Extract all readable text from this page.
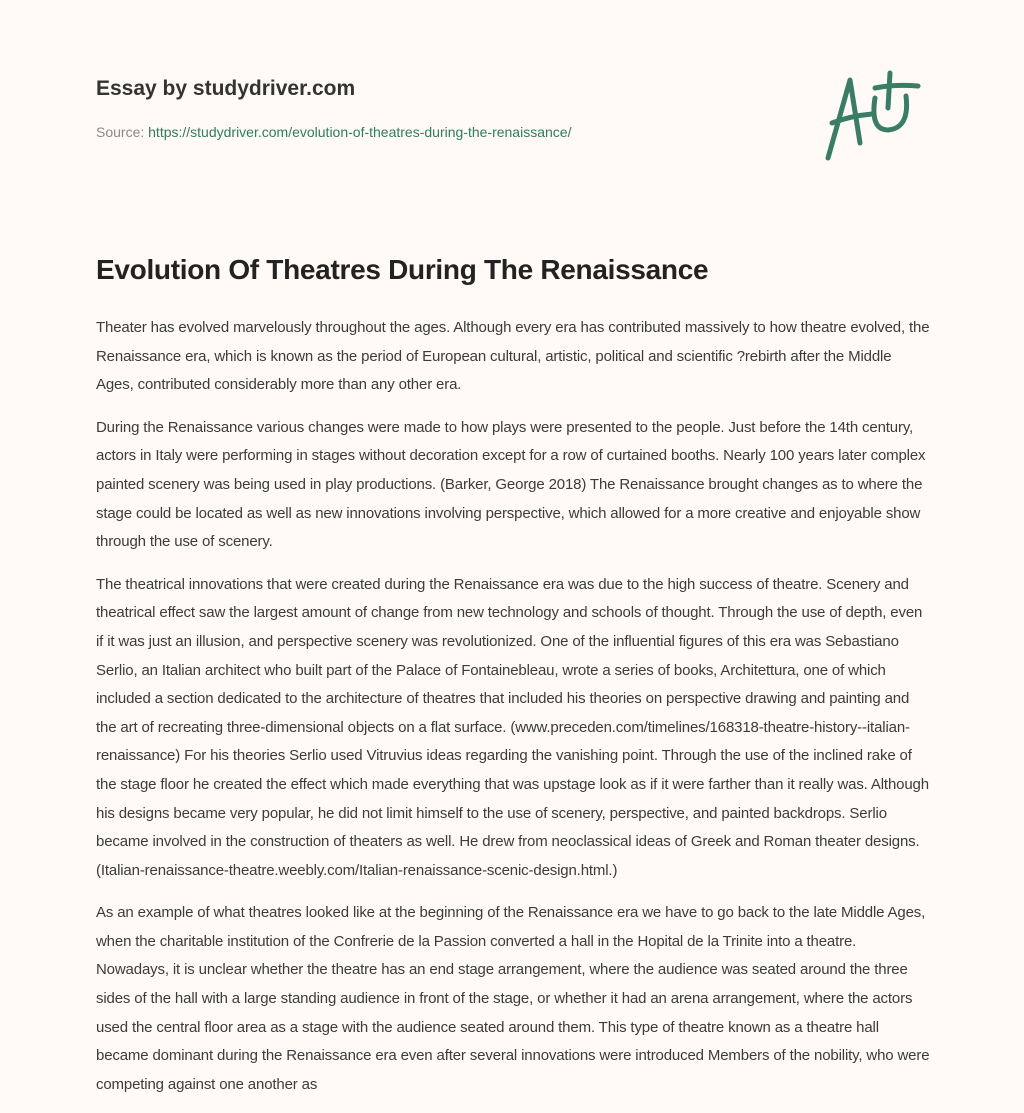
Essay by studydriver.com
Source: https://studydriver.com/evolution-of-theatres-during-the-renaissance/
Evolution Of Theatres During The Renaissance

Theater has evolved marvelously throughout the ages. Although every era has contributed massively to how theatre evolved, the Renaissance era, which is known as the period of European cultural, artistic, political and scientific ?rebirth after the Middle Ages, contributed considerably more than any other era.

During the Renaissance various changes were made to how plays were presented to the people. Just before the 14th century, actors in Italy were performing in stages without decoration except for a row of curtained booths. Nearly 100 years later complex painted scenery was being used in play productions. (Barker, George 2018) The Renaissance brought changes as to where the stage could be located as well as new innovations involving perspective, which allowed for a more creative and enjoyable show through the use of scenery.

The theatrical innovations that were created during the Renaissance era was due to the high success of theatre. Scenery and theatrical effect saw the largest amount of change from new technology and schools of thought. Through the use of depth, even if it was just an illusion, and perspective scenery was revolutionized. One of the influential figures of this era was Sebastiano Serlio, an Italian architect who built part of the Palace of Fontainebleau, wrote a series of books, Architettura, one of which included a section dedicated to the architecture of theatres that included his theories on perspective drawing and painting and the art of recreating three-dimensional objects on a flat surface. (www.preceden.com/timelines/168318-theatre-history--italian-renaissance) For his theories Serlio used Vitruvius ideas regarding the vanishing point. Through the use of the inclined rake of the stage floor he created the effect which made everything that was upstage look as if it were farther than it really was. Although his designs became very popular, he did not limit himself to the use of scenery, perspective, and painted backdrops. Serlio became involved in the construction of theaters as well. He drew from neoclassical ideas of Greek and Roman theater designs. (Italian-renaissance-theatre.weebly.com/Italian-renaissance-scenic-design.html.)

As an example of what theatres looked like at the beginning of the Renaissance era we have to go back to the late Middle Ages, when the charitable institution of the Confrerie de la Passion converted a hall in the Hopital de la Trinite into a theatre. Nowadays, it is unclear whether the theatre has an end stage arrangement, where the audience was seated around the three sides of the hall with a large standing audience in front of the stage, or whether it had an arena arrangement, where the actors used the central floor area as a stage with the audience seated around them. This type of theatre known as a theatre hall became dominant during the Renaissance era even after several innovations were introduced Members of the nobility, who were competing against one another as
